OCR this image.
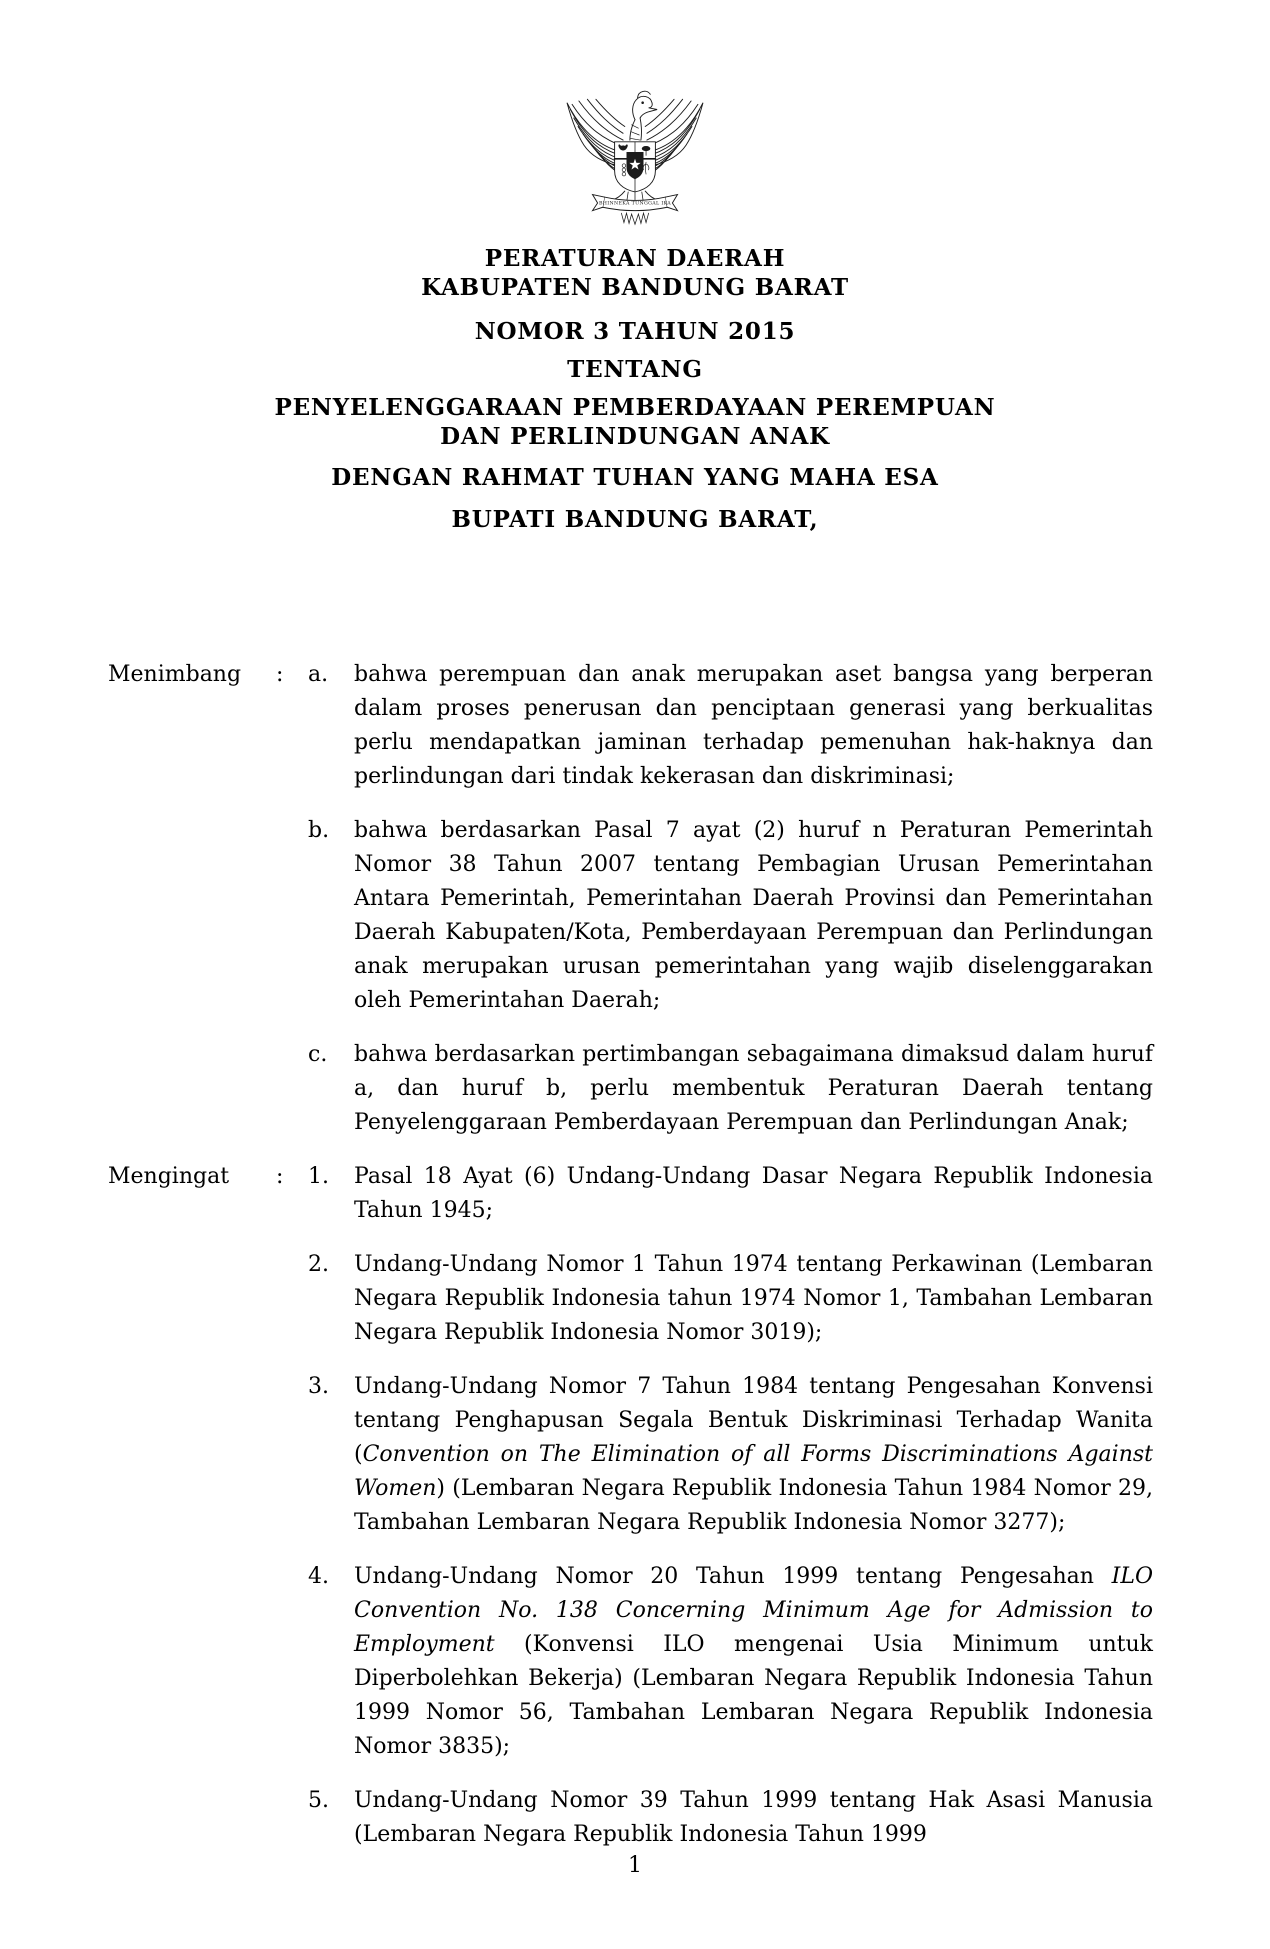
BHINNEKA TUNGGAL IKA
PERATURAN DAERAH
KABUPATEN BANDUNG BARAT
NOMOR 3 TAHUN 2015
TENTANG
PENYELENGGARAAN PEMBERDAYAAN PEREMPUAN
DAN PERLINDUNGAN ANAK
DENGAN RAHMAT TUHAN YANG MAHA ESA
BUPATI BANDUNG BARAT,
Menimbang	:	a.	bahwa perempuan dan anak merupakan aset bangsa yang berperan dalam proses penerusan dan penciptaan generasi yang berkualitas perlu mendapatkan jaminan terhadap pemenuhan hak-haknya dan perlindungan dari tindak kekerasan dan diskriminasi;
b.	bahwa berdasarkan Pasal 7 ayat (2) huruf n Peraturan Pemerintah Nomor 38 Tahun 2007 tentang Pembagian Urusan Pemerintahan Antara Pemerintah, Pemerintahan Daerah Provinsi dan Pemerintahan Daerah Kabupaten/Kota, Pemberdayaan Perempuan dan Perlindungan anak merupakan urusan pemerintahan yang wajib diselenggarakan oleh Pemerintahan Daerah;
c.	bahwa berdasarkan pertimbangan sebagaimana dimaksud dalam huruf a, dan huruf b, perlu membentuk Peraturan Daerah tentang Penyelenggaraan Pemberdayaan Perempuan dan Perlindungan Anak;
Mengingat	:	1.	Pasal 18 Ayat (6) Undang-Undang Dasar Negara Republik Indonesia Tahun 1945;
2.	Undang-Undang Nomor 1 Tahun 1974 tentang Perkawinan (Lembaran Negara Republik Indonesia tahun 1974 Nomor 1, Tambahan Lembaran Negara Republik Indonesia Nomor 3019);
3.	Undang-Undang Nomor 7 Tahun 1984 tentang Pengesahan Konvensi tentang Penghapusan Segala Bentuk Diskriminasi Terhadap Wanita (Convention on The Elimination of all Forms Discriminations Against Women) (Lembaran Negara Republik Indonesia Tahun 1984 Nomor 29, Tambahan Lembaran Negara Republik Indonesia Nomor 3277);
4.	Undang-Undang Nomor 20 Tahun 1999 tentang Pengesahan ILO Convention No. 138 Concerning Minimum Age for Admission to Employment (Konvensi ILO mengenai Usia Minimum untuk Diperbolehkan Bekerja) (Lembaran Negara Republik Indonesia Tahun 1999 Nomor 56, Tambahan Lembaran Negara Republik Indonesia Nomor 3835);
5.	Undang-Undang Nomor 39 Tahun 1999 tentang Hak Asasi Manusia (Lembaran Negara Republik Indonesia Tahun 1999
1
